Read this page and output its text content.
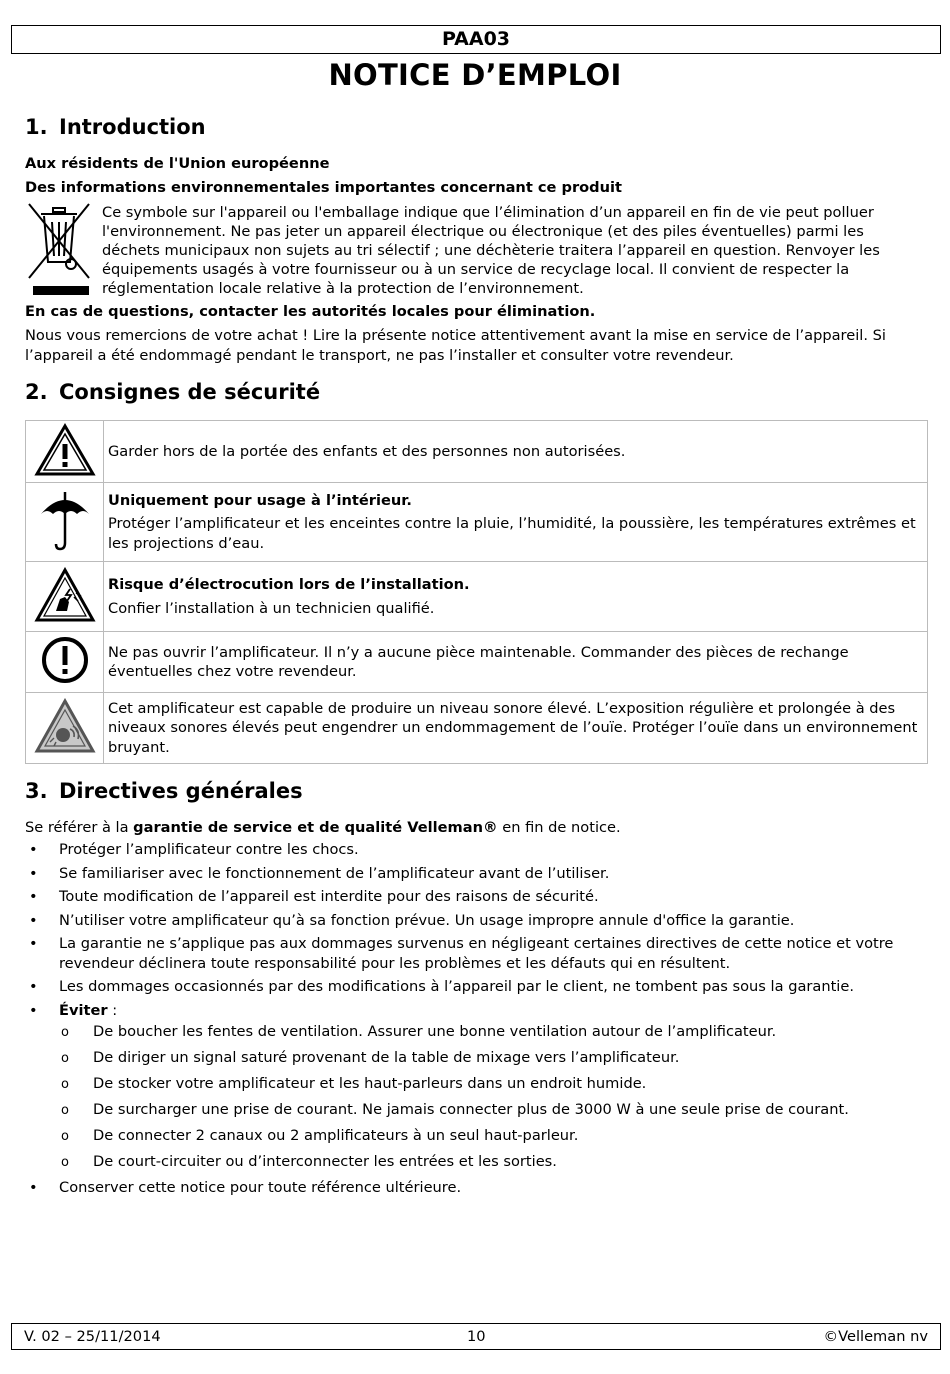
PAA03
NOTICE D’EMPLOI
1. Introduction
Aux résidents de l'Union européenne
Des informations environnementales importantes concernant ce produit
Ce symbole sur l'appareil ou l'emballage indique que l’élimination d’un appareil en fin de vie peut polluer l'environnement. Ne pas jeter un appareil électrique ou électronique (et des piles éventuelles) parmi les déchets municipaux non sujets au tri sélectif ; une déchèterie traitera l’appareil en question. Renvoyer les équipements usagés à votre fournisseur ou à un service de recyclage local. Il convient de respecter la réglementation locale relative à la protection de l’environnement.
En cas de questions, contacter les autorités locales pour élimination.
Nous vous remercions de votre achat ! Lire la présente notice attentivement avant la mise en service de l’appareil. Si l’appareil a été endommagé pendant le transport, ne pas l’installer et consulter votre revendeur.
2. Consignes de sécurité

Garder hors de la portée des enfants et des personnes non autorisées.

Uniquement pour usage à l’intérieur.
Protéger l’amplificateur et les enceintes contre la pluie, l’humidité, la poussière, les températures extrêmes et les projections d’eau.

Risque d’électrocution lors de l’installation.
Confier l’installation à un technicien qualifié.

Ne pas ouvrir l’amplificateur. Il n’y a aucune pièce maintenable. Commander des pièces de rechange éventuelles chez votre revendeur.

Cet amplificateur est capable de produire un niveau sonore élevé. L’exposition régulière et prolongée à des niveaux sonores élevés peut engendrer un endommagement de l’ouïe. Protéger l’ouïe dans un environnement bruyant.
3. Directives générales
Se référer à la garantie de service et de qualité Velleman® en fin de notice.
• Protéger l’amplificateur contre les chocs.
• Se familiariser avec le fonctionnement de l’amplificateur avant de l’utiliser.
• Toute modification de l’appareil est interdite pour des raisons de sécurité.
• N’utiliser votre amplificateur qu’à sa fonction prévue. Un usage impropre annule d'office la garantie.
• La garantie ne s’applique pas aux dommages survenus en négligeant certaines directives de cette notice et votre revendeur déclinera toute responsabilité pour les problèmes et les défauts qui en résultent.
• Les dommages occasionnés par des modifications à l’appareil par le client, ne tombent pas sous la garantie.
• Éviter :
o De boucher les fentes de ventilation. Assurer une bonne ventilation autour de l’amplificateur.
o De diriger un signal saturé provenant de la table de mixage vers l’amplificateur.
o De stocker votre amplificateur et les haut-parleurs dans un endroit humide.
o De surcharger une prise de courant. Ne jamais connecter plus de 3000 W à une seule prise de courant.
o De connecter 2 canaux ou 2 amplificateurs à un seul haut-parleur.
o De court-circuiter ou d’interconnecter les entrées et les sorties.
• Conserver cette notice pour toute référence ultérieure.
V. 02 – 25/11/2014	10	©Velleman nv
